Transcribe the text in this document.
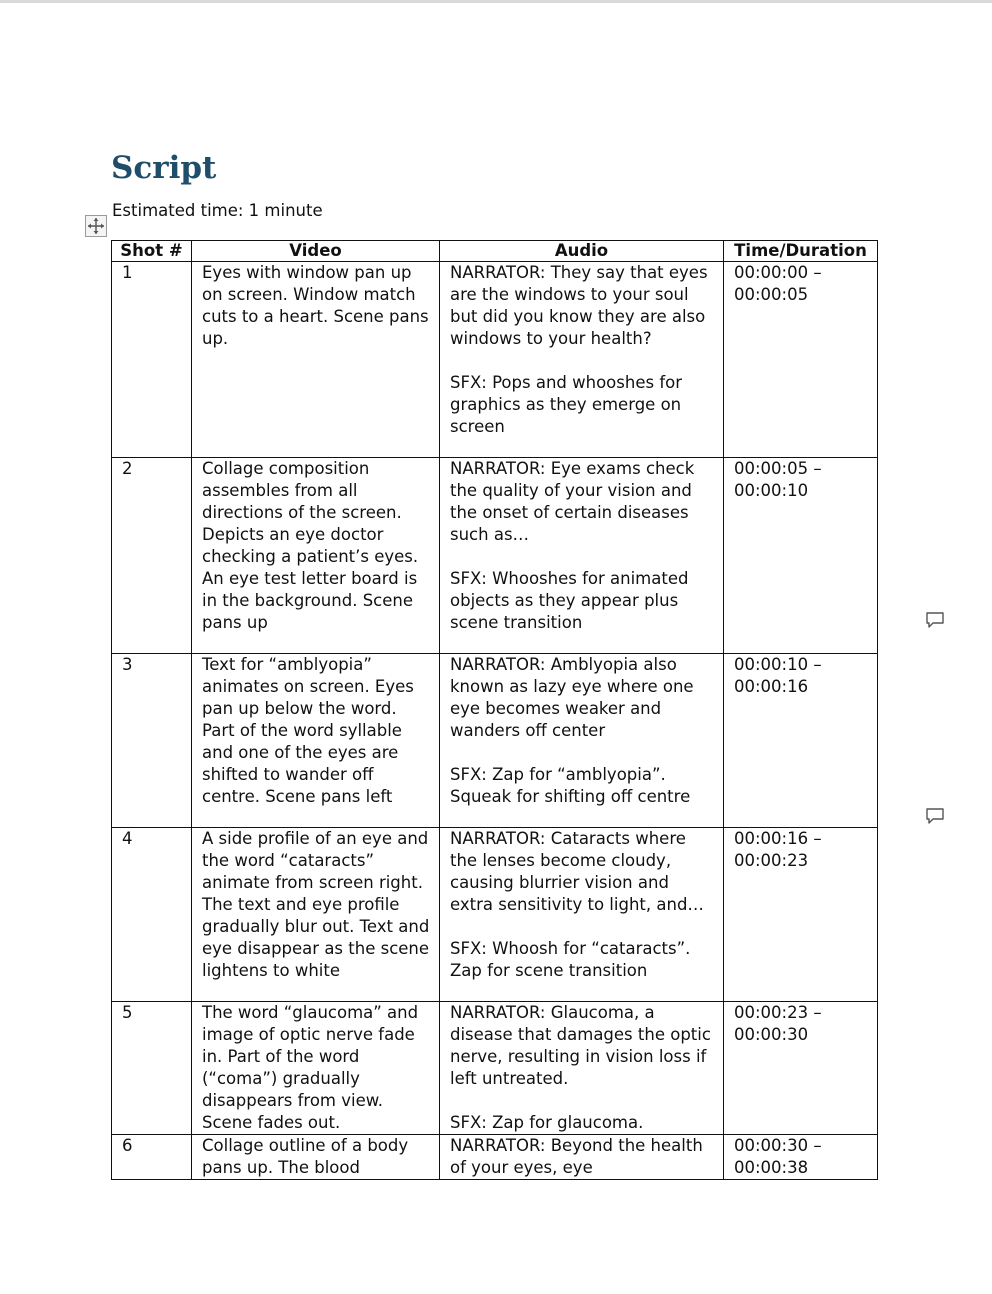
Script
Estimated time: 1 minute
Shot #	Video	Audio	Time/Duration
1	Eyes with window pan up on screen. Window match cuts to a heart. Scene pans up.	NARRATOR: They say that eyes are the windows to your soul but did you know they are also windows to your health?

SFX: Pops and whooshes for graphics as they emerge on screen	00:00:00 –
00:00:05

2	Collage composition assembles from all directions of the screen. Depicts an eye doctor checking a patient’s eyes. An eye test letter board is in the background. Scene pans up	NARRATOR: Eye exams check the quality of your vision and the onset of certain diseases such as…

SFX: Whooshes for animated objects as they appear plus scene transition	00:00:05 –
00:00:10

3	Text for “amblyopia” animates on screen. Eyes pan up below the word. Part of the word syllable and one of the eyes are shifted to wander off centre. Scene pans left	NARRATOR: Amblyopia also known as lazy eye where one eye becomes weaker and wanders off center

SFX: Zap for “amblyopia”. Squeak for shifting off centre	00:00:10 –
00:00:16

4	A side profile of an eye and the word “cataracts” animate from screen right. The text and eye profile gradually blur out. Text and eye disappear as the scene lightens to white	NARRATOR: Cataracts where the lenses become cloudy, causing blurrier vision and extra sensitivity to light, and…

SFX: Whoosh for “cataracts”. Zap for scene transition	00:00:16 –
00:00:23

5	The word “glaucoma” and image of optic nerve fade in. Part of the word (“coma”) gradually disappears from view. Scene fades out.	NARRATOR: Glaucoma, a disease that damages the optic nerve, resulting in vision loss if left untreated.

SFX: Zap for glaucoma.	00:00:23 –
00:00:30

6	Collage outline of a body pans up. The blood	NARRATOR: Beyond the health of your eyes, eye	00:00:30 –
00:00:38
